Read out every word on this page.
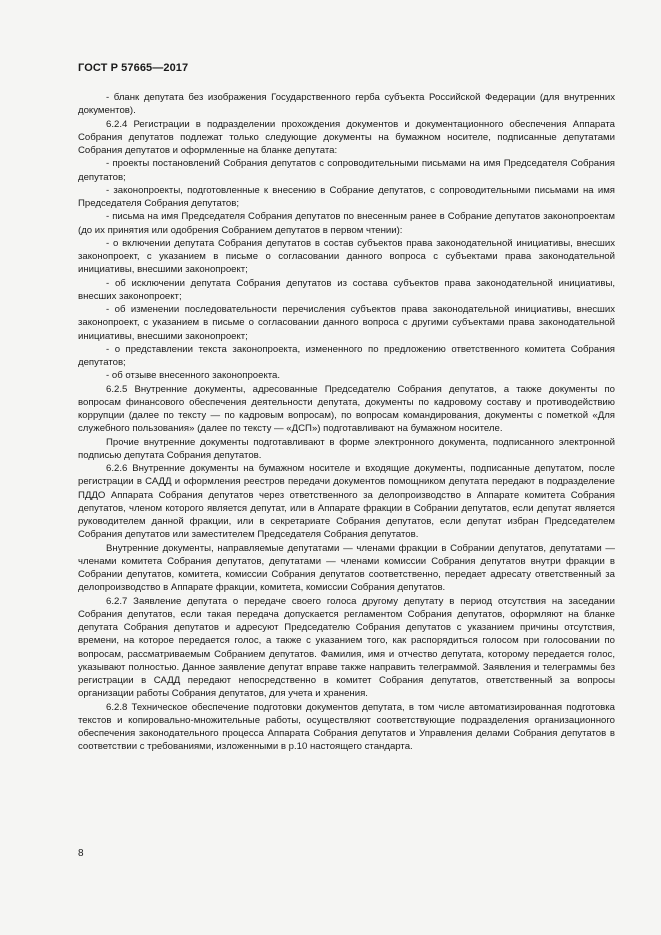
ГОСТ Р 57665—2017

- бланк депутата без изображения Государственного герба субъекта Российской Федерации (для внутренних документов).

6.2.4 Регистрации в подразделении прохождения документов и документационного обеспечения Аппарата Собрания депутатов подлежат только следующие документы на бумажном носителе, подписанные депутатами Собрания депутатов и оформленные на бланке депутата:

- проекты постановлений Собрания депутатов с сопроводительными письмами на имя Председателя Собрания депутатов;

- законопроекты, подготовленные к внесению в Собрание депутатов, с сопроводительными письмами на имя Председателя Собрания депутатов;

- письма на имя Председателя Собрания депутатов по внесенным ранее в Собрание депутатов законопроектам (до их принятия или одобрения Собранием депутатов в первом чтении):

- о включении депутата Собрания депутатов в состав субъектов права законодательной инициативы, внесших законопроект, с указанием в письме о согласовании данного вопроса с субъектами права законодательной инициативы, внесшими законопроект;

- об исключении депутата Собрания депутатов из состава субъектов права законодательной инициативы, внесших законопроект;

- об изменении последовательности перечисления субъектов права законодательной инициативы, внесших законопроект, с указанием в письме о согласовании данного вопроса с другими субъектами права законодательной инициативы, внесшими законопроект;

- о представлении текста законопроекта, измененного по предложению ответственного комитета Собрания депутатов;

- об отзыве внесенного законопроекта.

6.2.5 Внутренние документы, адресованные Председателю Собрания депутатов, а также документы по вопросам финансового обеспечения деятельности депутата, документы по кадровому составу и противодействию коррупции (далее по тексту — по кадровым вопросам), по вопросам командирования, документы с пометкой «Для служебного пользования» (далее по тексту — «ДСП») подготавливают на бумажном носителе.

Прочие внутренние документы подготавливают в форме электронного документа, подписанного электронной подписью депутата Собрания депутатов.

6.2.6 Внутренние документы на бумажном носителе и входящие документы, подписанные депутатом, после регистрации в САДД и оформления реестров передачи документов помощником депутата передают в подразделение ПДДО Аппарата Собрания депутатов через ответственного за делопроизводство в Аппарате комитета Собрания депутатов, членом которого является депутат, или в Аппарате фракции в Собрании депутатов, если депутат является руководителем данной фракции, или в секретариате Собрания депутатов, если депутат избран Председателем Собрания депутатов или заместителем Председателя Собрания депутатов.

Внутренние документы, направляемые депутатами — членами фракции в Собрании депутатов, депутатами — членами комитета Собрания депутатов, депутатами — членами комиссии Собрания депутатов внутри фракции в Собрании депутатов, комитета, комиссии Собрания депутатов соответственно, передает адресату ответственный за делопроизводство в Аппарате фракции, комитета, комиссии Собрания депутатов.

6.2.7 Заявление депутата о передаче своего голоса другому депутату в период отсутствия на заседании Собрания депутатов, если такая передача допускается регламентом Собрания депутатов, оформляют на бланке депутата Собрания депутатов и адресуют Председателю Собрания депутатов с указанием причины отсутствия, времени, на которое передается голос, а также с указанием того, как распорядиться голосом при голосовании по вопросам, рассматриваемым Собранием депутатов. Фамилия, имя и отчество депутата, которому передается голос, указывают полностью. Данное заявление депутат вправе также направить телеграммой. Заявления и телеграммы без регистрации в САДД передают непосредственно в комитет Собрания депутатов, ответственный за вопросы организации работы Собрания депутатов, для учета и хранения.

6.2.8 Техническое обеспечение подготовки документов депутата, в том числе автоматизированная подготовка текстов и копировально-множительные работы, осуществляют соответствующие подразделения организационного обеспечения законодательного процесса Аппарата Собрания депутатов и Управления делами Собрания депутатов в соответствии с требованиями, изложенными в р.10 настоящего стандарта.

8
